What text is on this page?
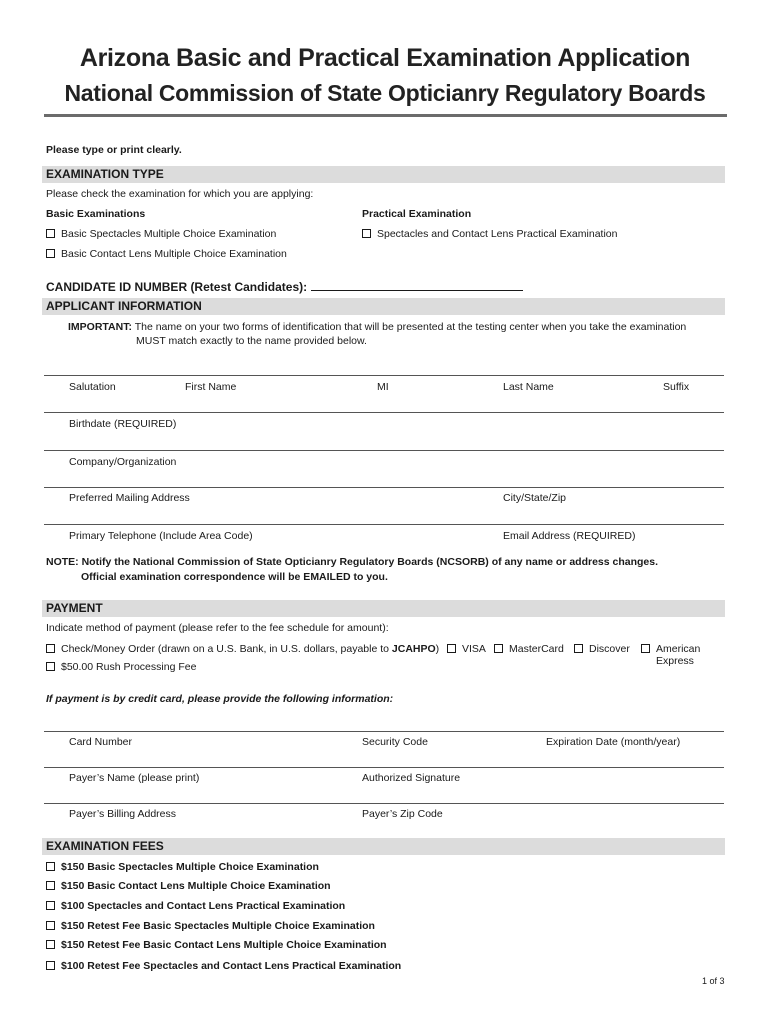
Arizona Basic and Practical Examination Application
National Commission of State Opticianry Regulatory Boards
Please type or print clearly.
EXAMINATION TYPE
Please check the examination for which you are applying:
Basic Examinations	Practical Examination
Basic Spectacles Multiple Choice Examination	Spectacles and Contact Lens Practical Examination
Basic Contact Lens Multiple Choice Examination
CANDIDATE ID NUMBER (Retest Candidates):
APPLICANT INFORMATION
IMPORTANT: The name on your two forms of identification that will be presented at the testing center when you take the examination
MUST match exactly to the name provided below.
Salutation	First Name	MI	Last Name	Suffix
Birthdate (REQUIRED)
Company/Organization
Preferred Mailing Address	City/State/Zip
Primary Telephone (Include Area Code)	Email Address (REQUIRED)
NOTE: Notify the National Commission of State Opticianry Regulatory Boards (NCSORB) of any name or address changes.
Official examination correspondence will be EMAILED to you.
PAYMENT
Indicate method of payment (please refer to the fee schedule for amount):
Check/Money Order (drawn on a U.S. Bank, in U.S. dollars, payable to JCAHPO)	VISA	MasterCard	Discover	American
Express
$50.00 Rush Processing Fee
If payment is by credit card, please provide the following information:
Card Number	Security Code	Expiration Date (month/year)
Payer’s Name (please print)	Authorized Signature
Payer’s Billing Address	Payer’s Zip Code
EXAMINATION FEES
$150 Basic Spectacles Multiple Choice Examination
$150 Basic Contact Lens Multiple Choice Examination
$100 Spectacles and Contact Lens Practical Examination
$150 Retest Fee Basic Spectacles Multiple Choice Examination
$150 Retest Fee Basic Contact Lens Multiple Choice Examination
$100 Retest Fee Spectacles and Contact Lens Practical Examination
1 of 3
